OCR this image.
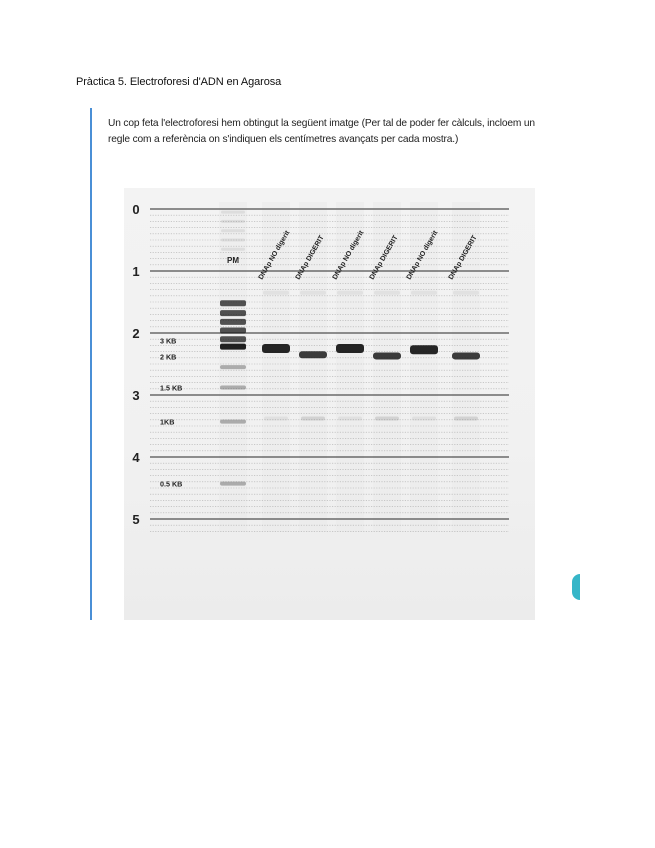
Pràctica 5. Electroforesi d'ADN en Agarosa
Un cop feta l'electroforesi hem obtingut la següent imatge (Per tal de poder fer càlculs, incloem un regle com a referència on s'indiquen els centímetres avançats per cada mostra.)
0
1
2
3
4
5
PM	DNAp NO digerit DNAp DIGERIT DNAp NO digerit DNAp DIGERIT DNAp NO digerit DNAp DIGERIT
3 KB
2 KB
1.5 KB
1KB
0.5 KB
